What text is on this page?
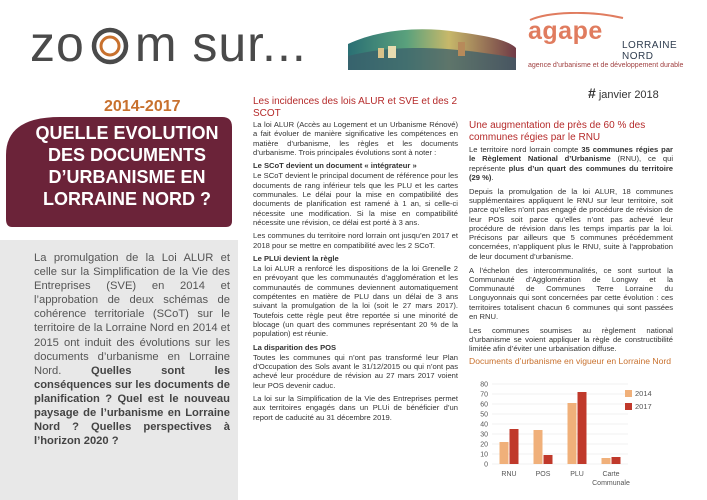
zo m sur...	agape
LORRAINE
NORD
agence d'urbanisme et de développement durable
# janvier 2018
2014-2017
QUELLE EVOLUTION DES DOCUMENTS D’URBANISME EN LORRAINE NORD ?
La promulgation de la Loi ALUR et celle sur la Simplification de la Vie des Entreprises (SVE) en 2014 et l’approbation de deux schémas de cohérence territoriale (SCoT) sur le territoire de la Lorraine Nord en 2014 et 2015 ont induit des évolutions sur les documents d’urbanisme en Lorraine Nord. Quelles sont les conséquences sur les documents de planification ? Quel est le nouveau paysage de l’urbanisme en Lorraine Nord ? Quelles perspectives à l’horizon 2020 ?
Les incidences des lois ALUR et SVE et des 2 SCOT

La loi ALUR (Accès au Logement et un Urbanisme Rénové) a fait évoluer de manière significative les compétences en matière d’urbanisme, les règles et les documents d’urbanisme. Trois principales évolutions sont à noter :

Le SCoT devient un document « intégrateur »

Le SCoT devient le principal document de référence pour les documents de rang inférieur tels que les PLU et les cartes communales. Le délai pour la mise en compatibilité des documents de planification est ramené à 1 an, si celle-ci nécessite une modification. Si la mise en compatibilité nécessite une révision, ce délai est porté à 3 ans.

Les communes du territoire nord lorrain ont jusqu’en 2017 et 2018 pour se mettre en compatibilité avec les 2 SCoT.

Le PLUi devient la règle

La loi ALUR a renforcé les dispositions de la loi Grenelle 2 en prévoyant que les communautés d’agglomération et les communautés de communes deviennent automatiquement compétentes en matière de PLU dans un délai de 3 ans suivant la promulgation de la loi (soit le 27 mars 2017). Toutefois cette règle peut être reportée si une minorité de blocage (un quart des communes représentant 20 % de la population) est réunie.

La disparition des POS

Toutes les communes qui n’ont pas transformé leur Plan d’Occupation des Sols avant le 31/12/2015 ou qui n’ont pas achevé leur procédure de révision au 27 mars 2017 voient leur POS devenir caduc.

La loi sur la Simplification de la Vie des Entreprises permet aux territoires engagés dans un PLUi de bénéficier d’un report de caducité au 31 décembre 2019.

Une augmentation de près de 60 % des communes régies par le RNU

Le territoire nord lorrain compte 35 communes régies par le Règlement National d’Urbanisme (RNU), ce qui représente plus d’un quart des communes du territoire (29 %).

Depuis la promulgation de la loi ALUR, 18 communes supplémentaires appliquent le RNU sur leur territoire, soit parce qu’elles n’ont pas engagé de procédure de révision de leur POS soit parce qu’elles n’ont pas achevé leur procédure de révision dans les temps impartis par la loi. Précisons par ailleurs que 5 communes précédemment concernées, n’appliquent plus le RNU, suite à l’approbation de leur document d’urbanisme.

A l’échelon des intercommunalités, ce sont surtout la Communauté d’Agglomération de Longwy et la Communauté de Communes Terre Lorraine du Longuyonnais qui sont concernées par cette évolution : ces territoires totalisent chacun 6 communes qui sont passées en RNU.

Les communes soumises au règlement national d’urbanisme se voient appliquer la règle de constructibilité limitée afin d’éviter une urbanisation diffuse.

Documents d’urbanisme en vigueur en Lorraine Nord
0
10
20
30
40
50
60
70
80
RNU	POS	PLU	Carte
Communale
2014
2017
